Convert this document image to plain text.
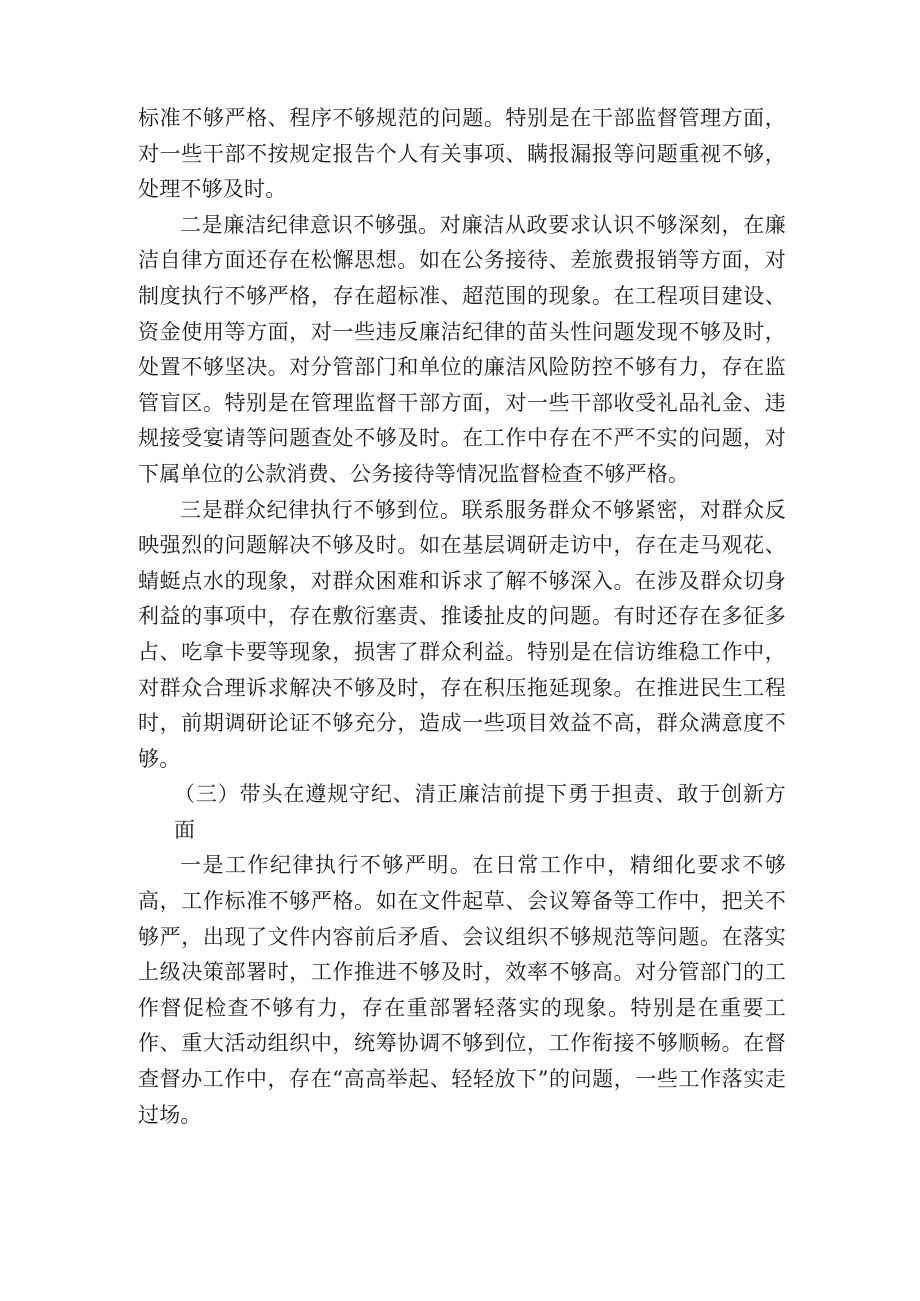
标准不够严格、程序不够规范的问题。特别是在干部监督管理方面，对一些干部不按规定报告个人有关事项、瞒报漏报等问题重视不够，处理不够及时。

二是廉洁纪律意识不够强。对廉洁从政要求认识不够深刻，在廉洁自律方面还存在松懈思想。如在公务接待、差旅费报销等方面，对制度执行不够严格，存在超标准、超范围的现象。在工程项目建设、资金使用等方面，对一些违反廉洁纪律的苗头性问题发现不够及时，处置不够坚决。对分管部门和单位的廉洁风险防控不够有力，存在监管盲区。特别是在管理监督干部方面，对一些干部收受礼品礼金、违规接受宴请等问题查处不够及时。在工作中存在不严不实的问题，对下属单位的公款消费、公务接待等情况监督检查不够严格。

三是群众纪律执行不够到位。联系服务群众不够紧密，对群众反映强烈的问题解决不够及时。如在基层调研走访中，存在走马观花、蜻蜓点水的现象，对群众困难和诉求了解不够深入。在涉及群众切身利益的事项中，存在敷衍塞责、推诿扯皮的问题。有时还存在多征多占、吃拿卡要等现象，损害了群众利益。特别是在信访维稳工作中，对群众合理诉求解决不够及时，存在积压拖延现象。在推进民生工程时，前期调研论证不够充分，造成一些项目效益不高，群众满意度不够。

（三）带头在遵规守纪、清正廉洁前提下勇于担责、敢于创新方面

一是工作纪律执行不够严明。在日常工作中，精细化要求不够高，工作标准不够严格。如在文件起草、会议筹备等工作中，把关不够严，出现了文件内容前后矛盾、会议组织不够规范等问题。在落实上级决策部署时，工作推进不够及时，效率不够高。对分管部门的工作督促检查不够有力，存在重部署轻落实的现象。特别是在重要工作、重大活动组织中，统筹协调不够到位，工作衔接不够顺畅。在督查督办工作中，存在“高高举起、轻轻放下”的问题，一些工作落实走过场。
